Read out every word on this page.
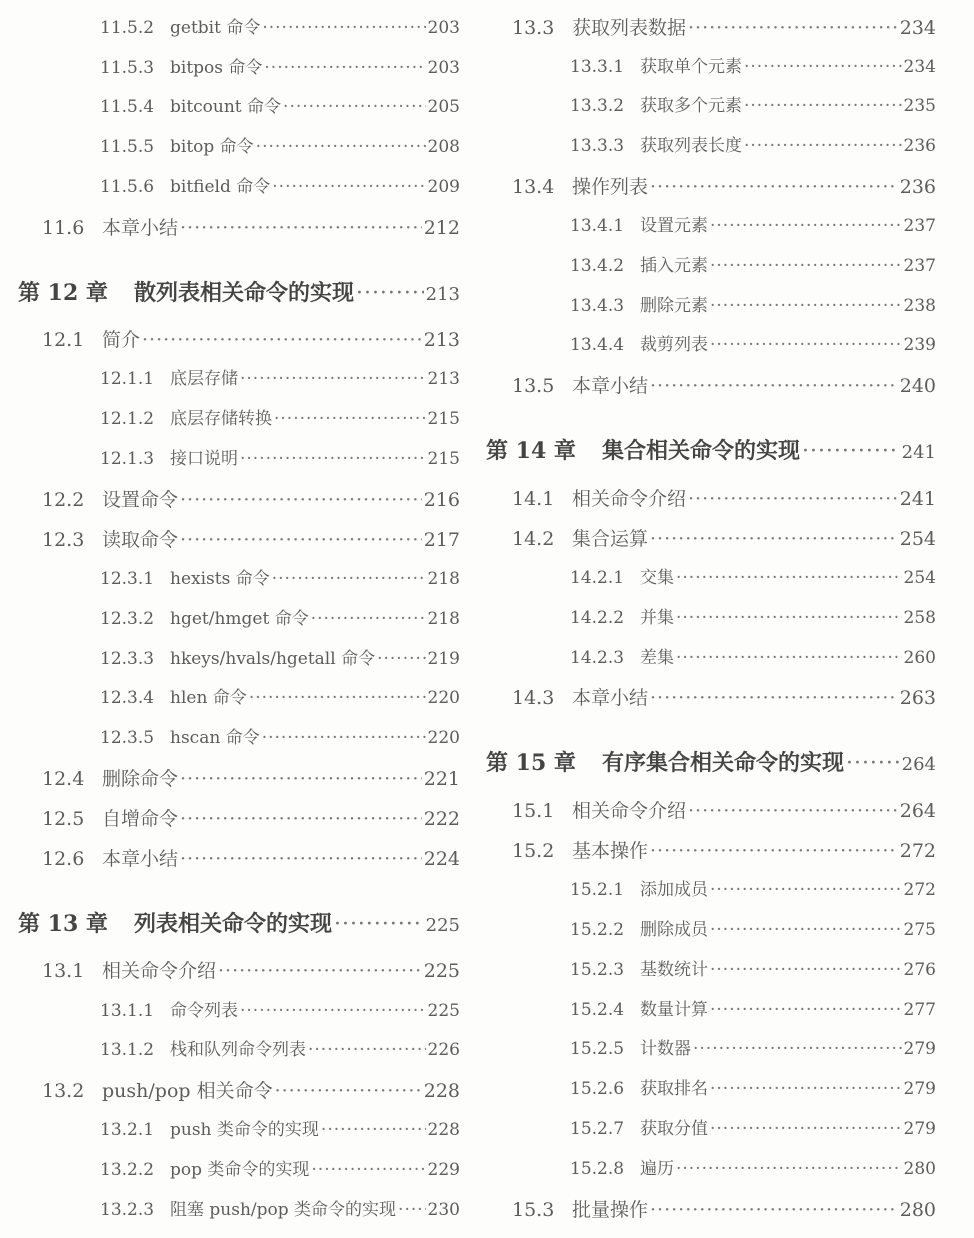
11.5.2 getbit 命令 ·····	203
11.5.3 bitpos 命令 ·····	203
11.5.4 bitcount 命令 ·····	205
11.5.5 bitop 命令 ·····	208
11.5.6 bitfield 命令 ·····	209
11.6 本章小结 ·····	212
第 12 章 散列表相关命令的实现 ·····	213
12.1 简介 ·····	213
12.1.1 底层存储 ·····	213
12.1.2 底层存储转换 ·····	215
12.1.3 接口说明 ·····	215
12.2 设置命令 ·····	216
12.3 读取命令 ·····	217
12.3.1 hexists 命令 ·····	218
12.3.2 hget/hmget 命令 ·····	218
12.3.3 hkeys/hvals/hgetall 命令 ·····	219
12.3.4 hlen 命令 ·····	220
12.3.5 hscan 命令 ·····	220
12.4 删除命令 ·····	221
12.5 自增命令 ·····	222
12.6 本章小结 ·····	224
第 13 章 列表相关命令的实现 ·····	225
13.1 相关命令介绍 ·····	225
13.1.1 命令列表 ·····	225
13.1.2 栈和队列命令列表 ·····	226
13.2 push/pop 相关命令 ·····	228
13.2.1 push 类命令的实现 ·····	228
13.2.2 pop 类命令的实现 ·····	229
13.2.3 阻塞 push/pop 类命令的实现 ····· 230
13.3 获取列表数据 ·····	234
13.3.1 获取单个元素 ·····	234
13.3.2 获取多个元素 ·····	235
13.3.3 获取列表长度 ·····	236
13.4 操作列表 ·····	236
13.4.1 设置元素 ·····	237
13.4.2 插入元素 ·····	237
13.4.3 删除元素 ·····	238
13.4.4 裁剪列表 ·····	239
13.5 本章小结 ·····	240
第 14 章 集合相关命令的实现 ·····	241
14.1 相关命令介绍 ·····	241
14.2 集合运算 ·····	254
14.2.1 交集 ·····	254
14.2.2 并集 ·····	258
14.2.3 差集 ·····	260
14.3 本章小结 ·····	263
第 15 章 有序集合相关命令的实现 ·····	264
15.1 相关命令介绍 ·····	264
15.2 基本操作 ·····	272
15.2.1 添加成员 ·····	272
15.2.2 删除成员 ·····	275
15.2.3 基数统计 ·····	276
15.2.4 数量计算 ·····	277
15.2.5 计数器 ·····	279
15.2.6 获取排名 ·····	279
15.2.7 获取分值 ·····	279
15.2.8 遍历 ·····	280
15.3 批量操作 ·····	280
